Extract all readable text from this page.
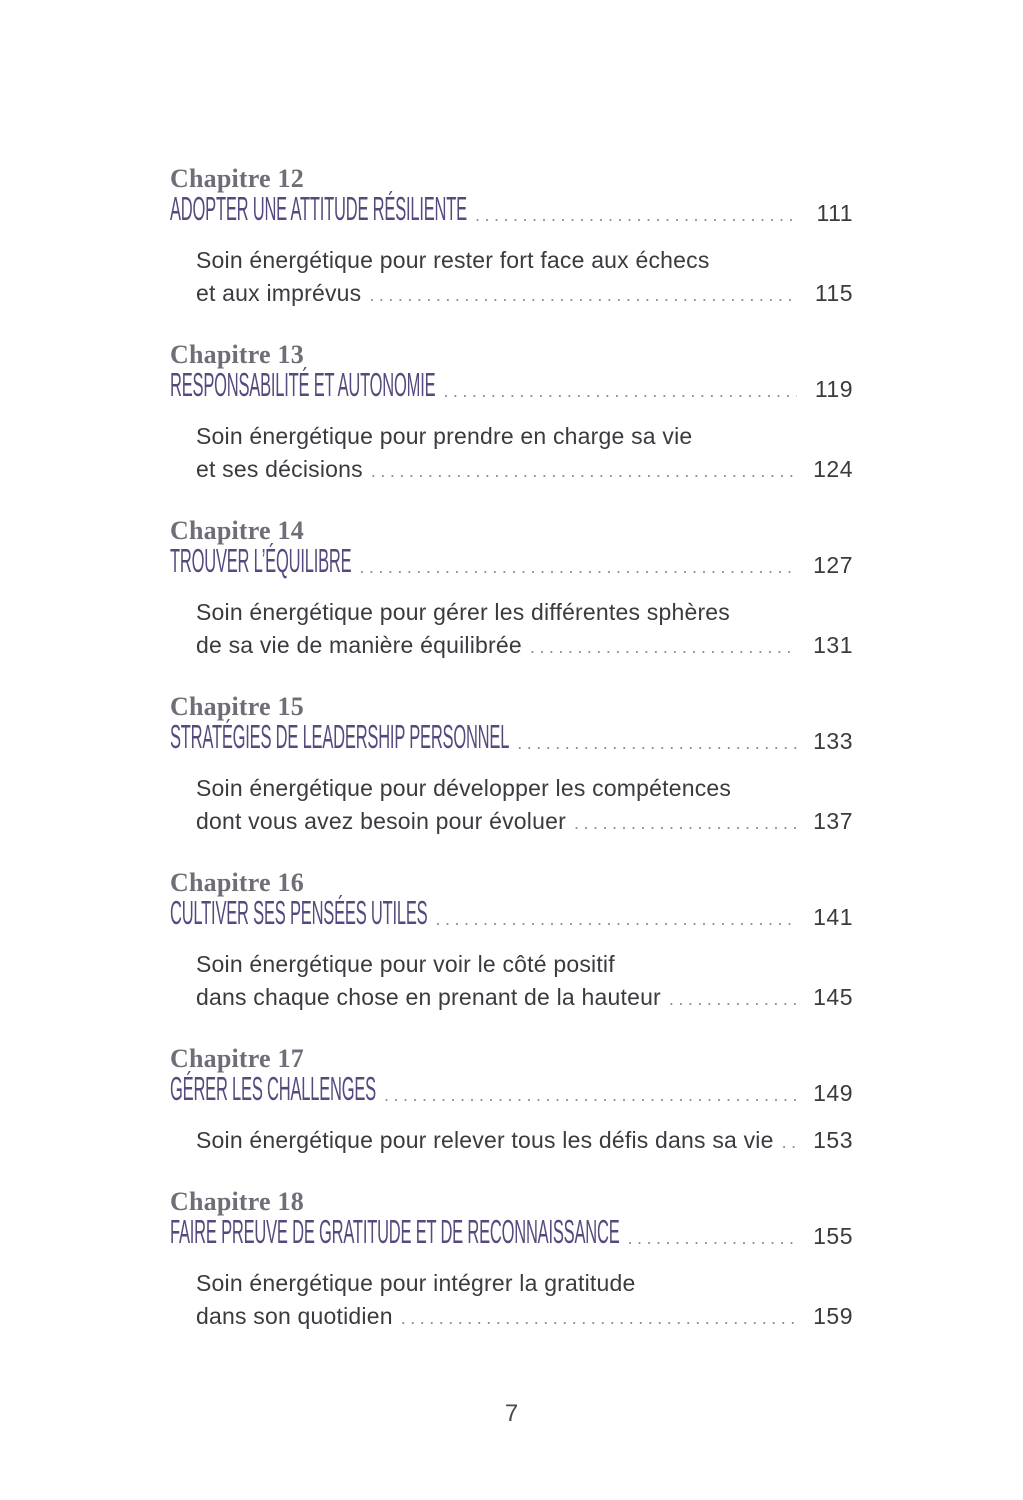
Chapitre 12
ADOPTER UNE ATTITUDE RÉSILIENTE .....	111
Soin énergétique pour rester fort face aux échecs
et aux imprévus .....	115
Chapitre 13
RESPONSABILITÉ ET AUTONOMIE .....	119
Soin énergétique pour prendre en charge sa vie
et ses décisions .....	124
Chapitre 14
TROUVER L’ÉQUILIBRE .....	127
Soin énergétique pour gérer les différentes sphères
de sa vie de manière équilibrée .....	131
Chapitre 15
STRATÉGIES DE LEADERSHIP PERSONNEL .....	133
Soin énergétique pour développer les compétences
dont vous avez besoin pour évoluer .....	137
Chapitre 16
CULTIVER SES PENSÉES UTILES .....	141
Soin énergétique pour voir le côté positif
dans chaque chose en prenant de la hauteur .....	145
Chapitre 17
GÉRER LES CHALLENGES .....	149
Soin énergétique pour relever tous les défis dans sa vie ..... 153
Chapitre 18
FAIRE PREUVE DE GRATITUDE ET DE RECONNAISSANCE .....	155
Soin énergétique pour intégrer la gratitude
dans son quotidien .....	159
7
